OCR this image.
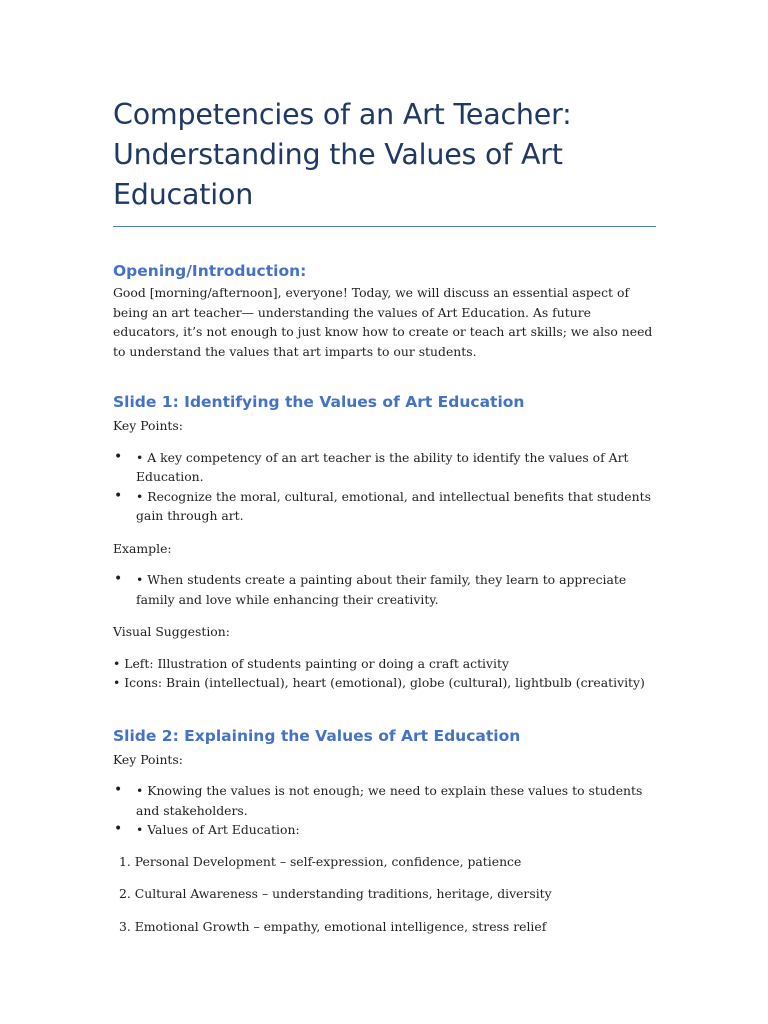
Competencies of an Art Teacher: Understanding the Values of Art Education
Opening/Introduction:

Good [morning/afternoon], everyone! Today, we will discuss an essential aspect of being an art teacher— understanding the values of Art Education. As future educators, it’s not enough to just know how to create or teach art skills; we also need to understand the values that art imparts to our students.

Slide 1: Identifying the Values of Art Education

Key Points:

• • A key competency of an art teacher is the ability to identify the values of Art Education.
• • Recognize the moral, cultural, emotional, and intellectual benefits that students gain through art.

Example:

• • When students create a painting about their family, they learn to appreciate family and love while enhancing their creativity.

Visual Suggestion:

• Left: Illustration of students painting or doing a craft activity
• Icons: Brain (intellectual), heart (emotional), globe (cultural), lightbulb (creativity)
Slide 2: Explaining the Values of Art Education

Key Points:

• • Knowing the values is not enough; we need to explain these values to students and stakeholders.
• • Values of Art Education:
1. Personal Development – self-expression, confidence, patience
2. Cultural Awareness – understanding traditions, heritage, diversity
3. Emotional Growth – empathy, emotional intelligence, stress relief
